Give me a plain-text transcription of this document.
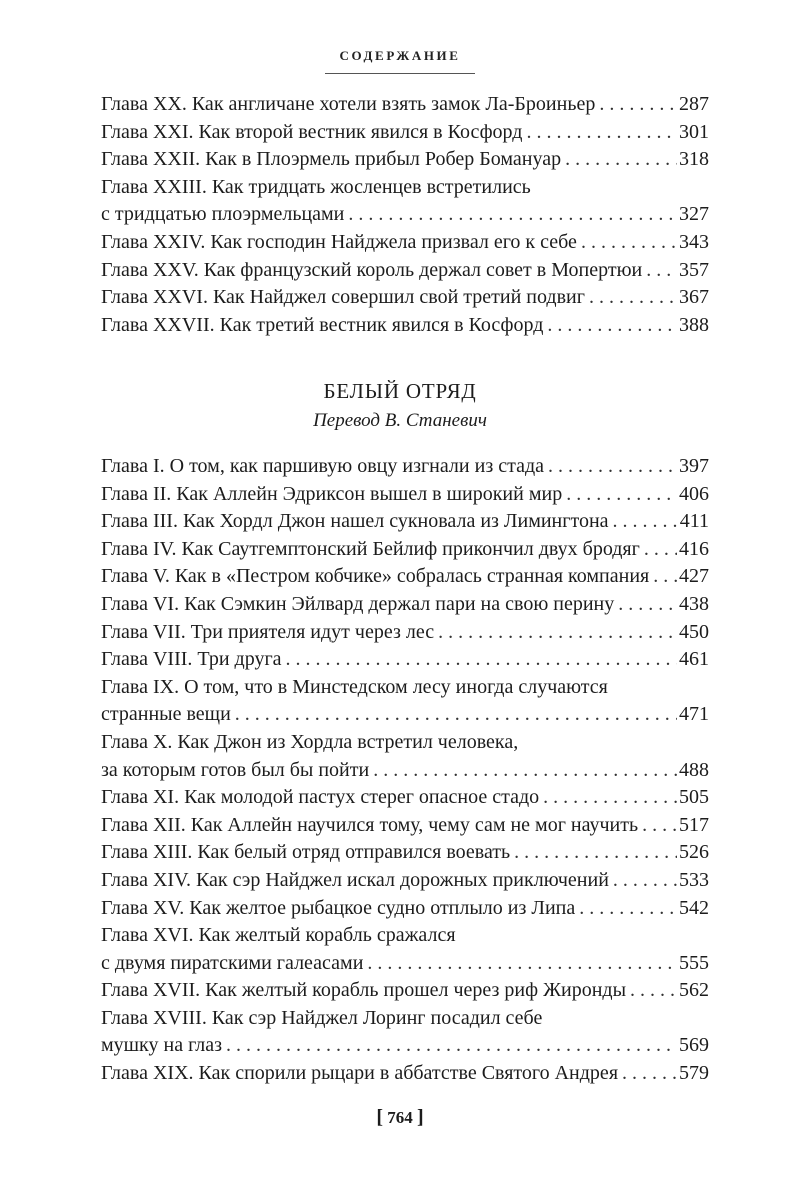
СОДЕРЖАНИЕ
Глава XX. Как англичане хотели взять замок Ла-Броиньер . . .	287
Глава XXI. Как второй вестник явился в Косфорд . . .	301
Глава XXII. Как в Плоэрмель прибыл Робер Бомануар . . .	318
Глава XXIII. Как тридцать жосленцев встретились
с тридцатью плоэрмельцами . . .	327
Глава XXIV. Как господин Найджела призвал его к себе . . .	343
Глава XXV. Как французский король держал совет в Мопертюи . . . 357
Глава XXVI. Как Найджел совершил свой третий подвиг . . .	367
Глава XXVII. Как третий вестник явился в Косфорд . . .	388
БЕЛЫЙ ОТРЯД
Перевод В. Станевич
Глава I. О том, как паршивую овцу изгнали из стада . . .	397
Глава II. Как Аллейн Эдриксон вышел в широкий мир . . .	406
Глава III. Как Хордл Джон нашел сукновала из Лимингтона . . .	411
Глава IV. Как Саутгемптонский Бейлиф прикончил двух бродяг . . . 416
Глава V. Как в «Пестром кобчике» собралась странная компания . . . 427
Глава VI. Как Сэмкин Эйлвард держал пари на свою перину . . .	438
Глава VII. Три приятеля идут через лес . . .	450
Глава VIII. Три друга . . .	461
Глава IX. О том, что в Минстедском лесу иногда случаются
странные вещи . . .	471
Глава X. Как Джон из Хордла встретил человека,
за которым готов был бы пойти . . .	488
Глава XI. Как молодой пастух стерег опасное стадо . . .	505
Глава XII. Как Аллейн научился тому, чему сам не мог научить . . . 517
Глава XIII. Как белый отряд отправился воевать . . .	526
Глава XIV. Как сэр Найджел искал дорожных приключений . . .	533
Глава XV. Как желтое рыбацкое судно отплыло из Липа . . .	542
Глава XVI. Как желтый корабль сражался
с двумя пиратскими галеасами . . .	555
Глава XVII. Как желтый корабль прошел через риф Жиронды . . .	562
Глава XVIII. Как сэр Найджел Лоринг посадил себе
мушку на глаз . . .	569
Глава XIX. Как спорили рыцари в аббатстве Святого Андрея . . .	579
[ 764 ]
